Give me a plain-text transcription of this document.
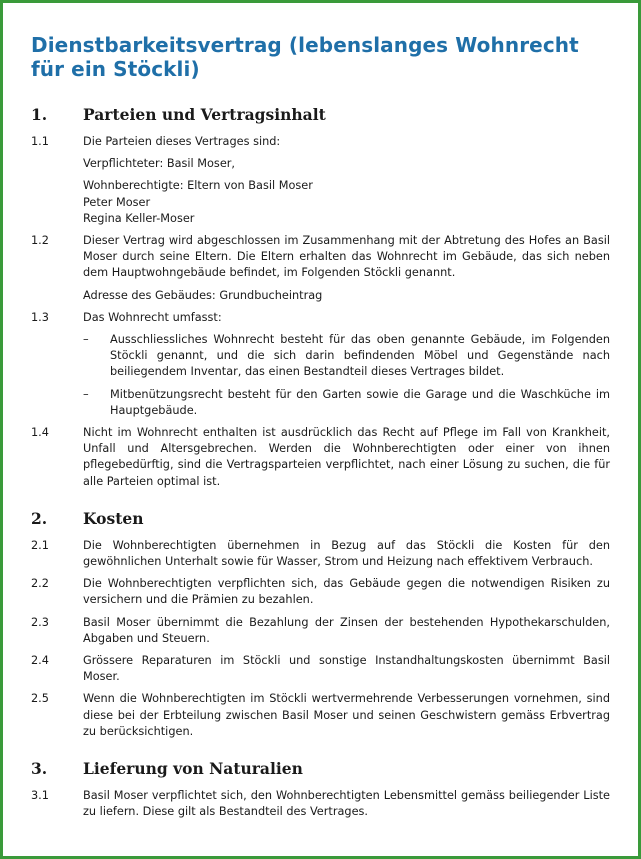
Dienstbarkeitsvertrag (lebenslanges Wohnrecht für ein Stöckli)
1.	Parteien und Vertragsinhalt
1.1	Die Parteien dieses Vertrages sind:
Verpflichteter: Basil Moser,
Wohnberechtigte: Eltern von Basil Moser
Peter Moser
Regina Keller-Moser
1.2	Dieser Vertrag wird abgeschlossen im Zusammenhang mit der Abtretung des Hofes an Basil Moser durch seine Eltern. Die Eltern erhalten das Wohnrecht im Gebäude, das sich neben dem Hauptwohngebäude befindet, im Folgenden Stöckli genannt.
Adresse des Gebäudes: Grundbucheintrag
1.3	Das Wohnrecht umfasst:
–	Ausschliessliches Wohnrecht besteht für das oben genannte Gebäude, im Folgenden Stöckli genannt, und die sich darin befindenden Möbel und Gegenstände nach beiliegendem Inventar, das einen Bestandteil dieses Vertrages bildet.
–	Mitbenützungsrecht besteht für den Garten sowie die Garage und die Waschküche im Hauptgebäude.
1.4	Nicht im Wohnrecht enthalten ist ausdrücklich das Recht auf Pflege im Fall von Krankheit, Unfall und Altersgebrechen. Werden die Wohnberechtigten oder einer von ihnen pflegebedürftig, sind die Vertragsparteien verpflichtet, nach einer Lösung zu suchen, die für alle Parteien optimal ist.
2.	Kosten
2.1	Die Wohnberechtigten übernehmen in Bezug auf das Stöckli die Kosten für den gewöhnlichen Unterhalt sowie für Wasser, Strom und Heizung nach effektivem Verbrauch.
2.2	Die Wohnberechtigten verpflichten sich, das Gebäude gegen die notwendigen Risiken zu versichern und die Prämien zu bezahlen.
2.3	Basil Moser übernimmt die Bezahlung der Zinsen der bestehenden Hypothekarschulden, Abgaben und Steuern.
2.4	Grössere Reparaturen im Stöckli und sonstige Instandhaltungskosten übernimmt Basil Moser.
2.5	Wenn die Wohnberechtigten im Stöckli wertvermehrende Verbesserungen vornehmen, sind diese bei der Erbteilung zwischen Basil Moser und seinen Geschwistern gemäss Erbvertrag zu berücksichtigen.
3.	Lieferung von Naturalien
3.1	Basil Moser verpflichtet sich, den Wohnberechtigten Lebensmittel gemäss beiliegender Liste zu liefern. Diese gilt als Bestandteil des Vertrages.
